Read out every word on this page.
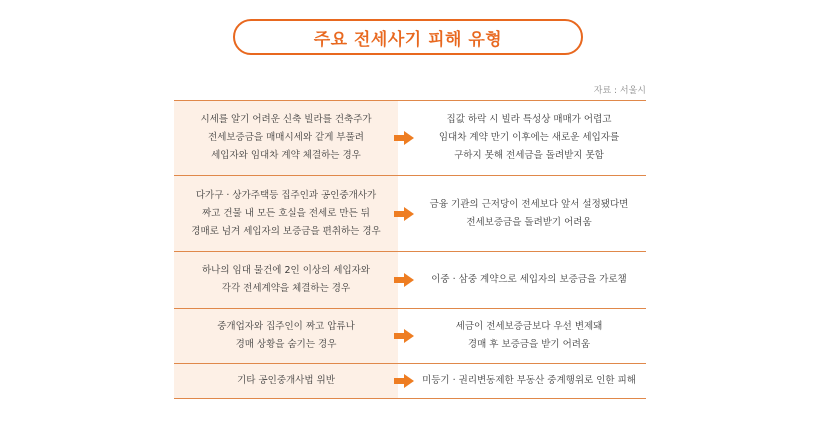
주요 전세사기 피해 유형
자료 : 서울시
시세를 알기 어려운 신축 빌라를 건축주가
전세보증금을 매매시세와 같게 부풀려
세입자와 임대차 계약 체결하는 경우
집값 하락 시 빌라 특성상 매매가 어렵고
임대차 계약 만기 이후에는 새로운 세입자를
구하지 못해 전세금을 돌려받지 못함
다가구 · 상가주택등 집주인과 공인중개사가
짜고 건물 내 모든 호실을 전세로 만든 뒤
경매로 넘겨 세입자의 보증금을 편취하는 경우
금융 기관의 근저당이 전세보다 앞서 설정됐다면
전세보증금을 돌려받기 어려움
하나의 임대 물건에 2인 이상의 세입자와
각각 전세계약을 체결하는 경우
이중 · 삼중 계약으로 세입자의 보증금을 가로챔
중개업자와 집주인이 짜고 압류나
경매 상황을 숨기는 경우
세금이 전세보증금보다 우선 변제돼
경매 후 보증금을 받기 어려움
기타 공인중개사법 위반	미등기 · 권리변동제한 부동산 중계행위로 인한 피해
